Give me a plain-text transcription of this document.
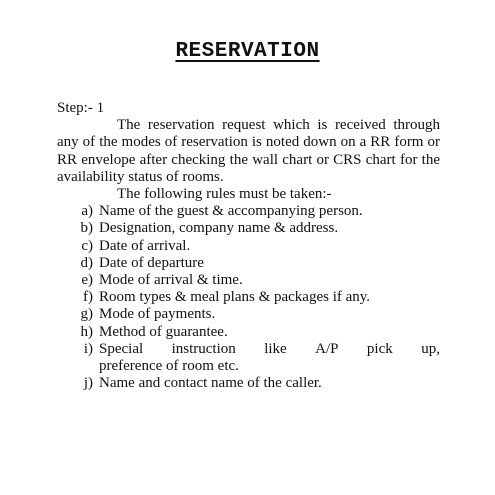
RESERVATION

Step:- 1

The reservation request which is received through any of the modes of reservation is noted down on a RR form or RR envelope after checking the wall chart or CRS chart for the availability status of rooms.

The following rules must be taken:-

a) Name of the guest & accompanying person.
b) Designation, company name & address.
c) Date of arrival.
d) Date of departure
e) Mode of arrival & time.
f) Room types & meal plans & packages if any.
g) Mode of payments.
h) Method of guarantee.
i) Special instruction like A/P pick up,
preference of room etc.
j) Name and contact name of the caller.
